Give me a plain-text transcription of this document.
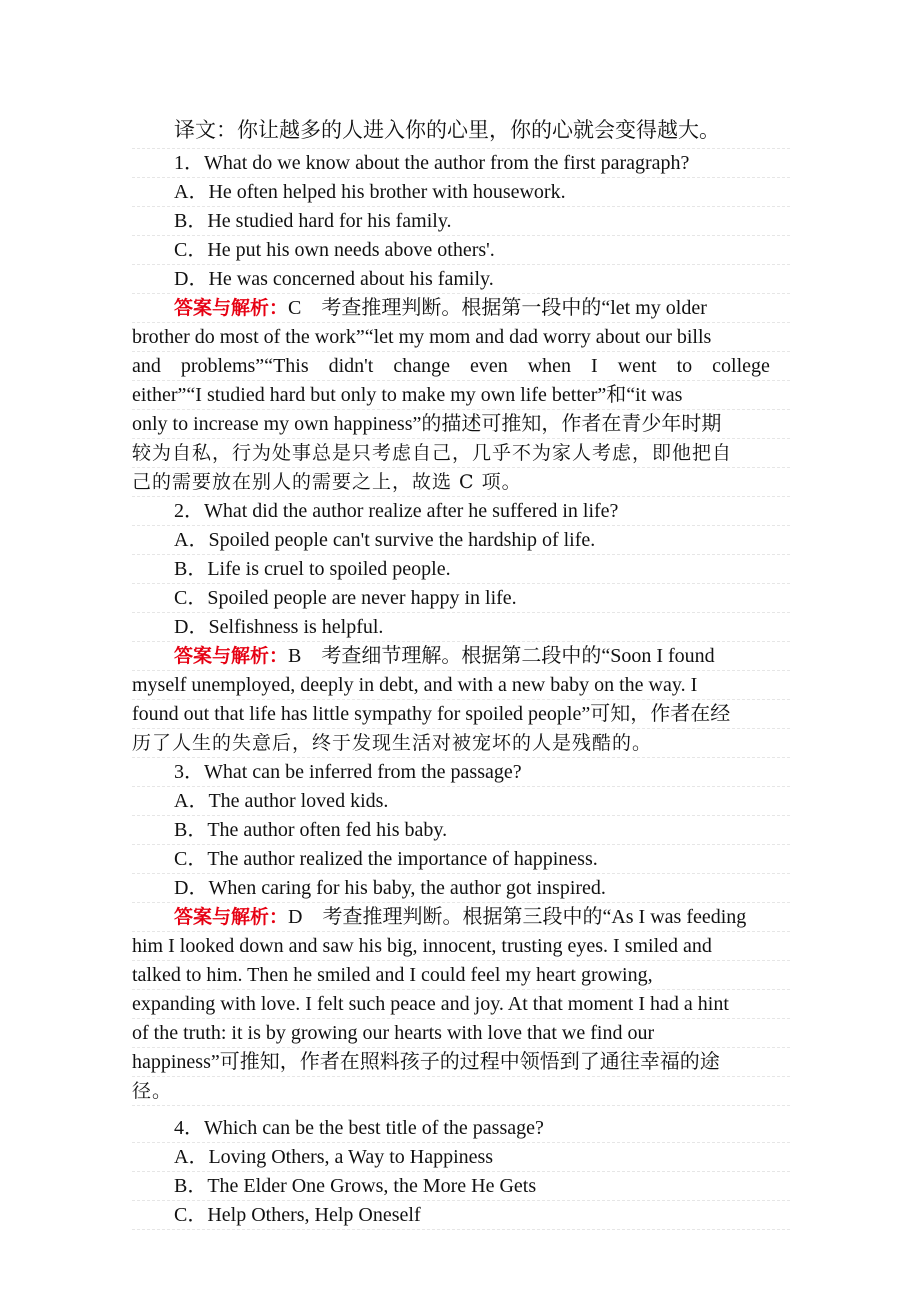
译文：你让越多的人进入你的心里，你的心就会变得越大。
1．What do we know about the author from the first paragraph?
A．He often helped his brother with housework.
B．He studied hard for his family.
C．He put his own needs above others'.
D．He was concerned about his family.
答案与解析：C　考查推理判断。根据第一段中的“let my older
brother do most of the work”“let my mom and dad worry about our bills
and　problems”“This　didn't　change　even　when　I　went　to　college
either”“I studied hard but only to make my own life better”和“it was
only to increase my own happiness”的描述可推知，作者在青少年时期
较为自私，行为处事总是只考虑自己，几乎不为家人考虑，即他把自
己的需要放在别人的需要之上，故选 C 项。
2．What did the author realize after he suffered in life?
A．Spoiled people can't survive the hardship of life.
B．Life is cruel to spoiled people.
C．Spoiled people are never happy in life.
D．Selfishness is helpful.
答案与解析：B　考查细节理解。根据第二段中的“Soon I found
myself unemployed, deeply in debt, and with a new baby on the way. I
found out that life has little sympathy for spoiled people”可知，作者在经
历了人生的失意后，终于发现生活对被宠坏的人是残酷的。
3．What can be inferred from the passage?
A．The author loved kids.
B．The author often fed his baby.
C．The author realized the importance of happiness.
D．When caring for his baby, the author got inspired.
答案与解析：D　考查推理判断。根据第三段中的“As I was feeding
him I looked down and saw his big, innocent, trusting eyes. I smiled and
talked to him. Then he smiled and I could feel my heart growing,
expanding with love. I felt such peace and joy. At that moment I had a hint
of the truth: it is by growing our hearts with love that we find our
happiness”可推知，作者在照料孩子的过程中领悟到了通往幸福的途
径。
4．Which can be the best title of the passage?
A．Loving Others, a Way to Happiness
B．The Elder One Grows, the More He Gets
C．Help Others, Help Oneself
